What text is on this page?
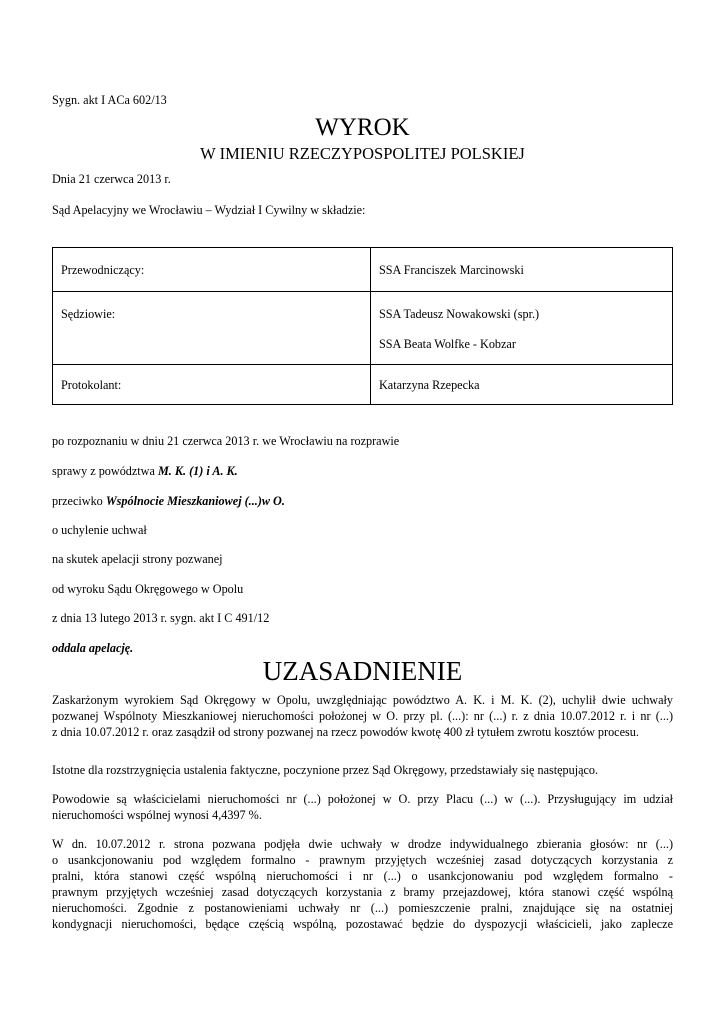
Sygn. akt I ACa 602/13

WYROK
W IMIENIU RZECZYPOSPOLITEJ POLSKIEJ

Dnia 21 czerwca 2013 r.

Sąd Apelacyjny we Wrocławiu – Wydział I Cywilny w składzie:

Przewodniczący:	SSA Franciszek Marcinowski

Sędziowie:	SSA Tadeusz Nowakowski (spr.)
SSA Beata Wolfke - Kobzar

Protokolant:	Katarzyna Rzepecka

po rozpoznaniu w dniu 21 czerwca 2013 r. we Wrocławiu na rozprawie

sprawy z powództwa M. K. (1) i A. K.

przeciwko Wspólnocie Mieszkaniowej (...)w O.

o uchylenie uchwał

na skutek apelacji strony pozwanej

od wyroku Sądu Okręgowego w Opolu

z dnia 13 lutego 2013 r. sygn. akt I C 491/12

oddala apelację.

UZASADNIENIE

Zaskarżonym wyrokiem Sąd Okręgowy w Opolu, uwzględniając powództwo A. K. i M. K. (2), uchylił dwie uchwały

pozwanej Wspólnoty Mieszkaniowej nieruchomości położonej w O. przy pl. (...): nr (...) r. z dnia 10.07.2012 r. i nr (...)

z dnia 10.07.2012 r. oraz zasądził od strony pozwanej na rzecz powodów kwotę 400 zł tytułem zwrotu kosztów procesu.

Istotne dla rozstrzygnięcia ustalenia faktyczne, poczynione przez Sąd Okręgowy, przedstawiały się następująco.

Powodowie są właścicielami nieruchomości nr (...) położonej w O. przy Placu (...) w (...). Przysługujący im udział

nieruchomości wspólnej wynosi 4,4397 %.

W dn. 10.07.2012 r. strona pozwana podjęła dwie uchwały w drodze indywidualnego zbierania głosów: nr (...)

o usankcjonowaniu pod względem formalno - prawnym przyjętych wcześniej zasad dotyczących korzystania z

pralni, która stanowi część wspólną nieruchomości i nr (...) o usankcjonowaniu pod względem formalno -

prawnym przyjętych wcześniej zasad dotyczących korzystania z bramy przejazdowej, która stanowi część wspólną

nieruchomości. Zgodnie z postanowieniami uchwały nr (...) pomieszczenie pralni, znajdujące się na ostatniej

kondygnacji nieruchomości, będące częścią wspólną, pozostawać będzie do dyspozycji właścicieli, jako zaplecze
